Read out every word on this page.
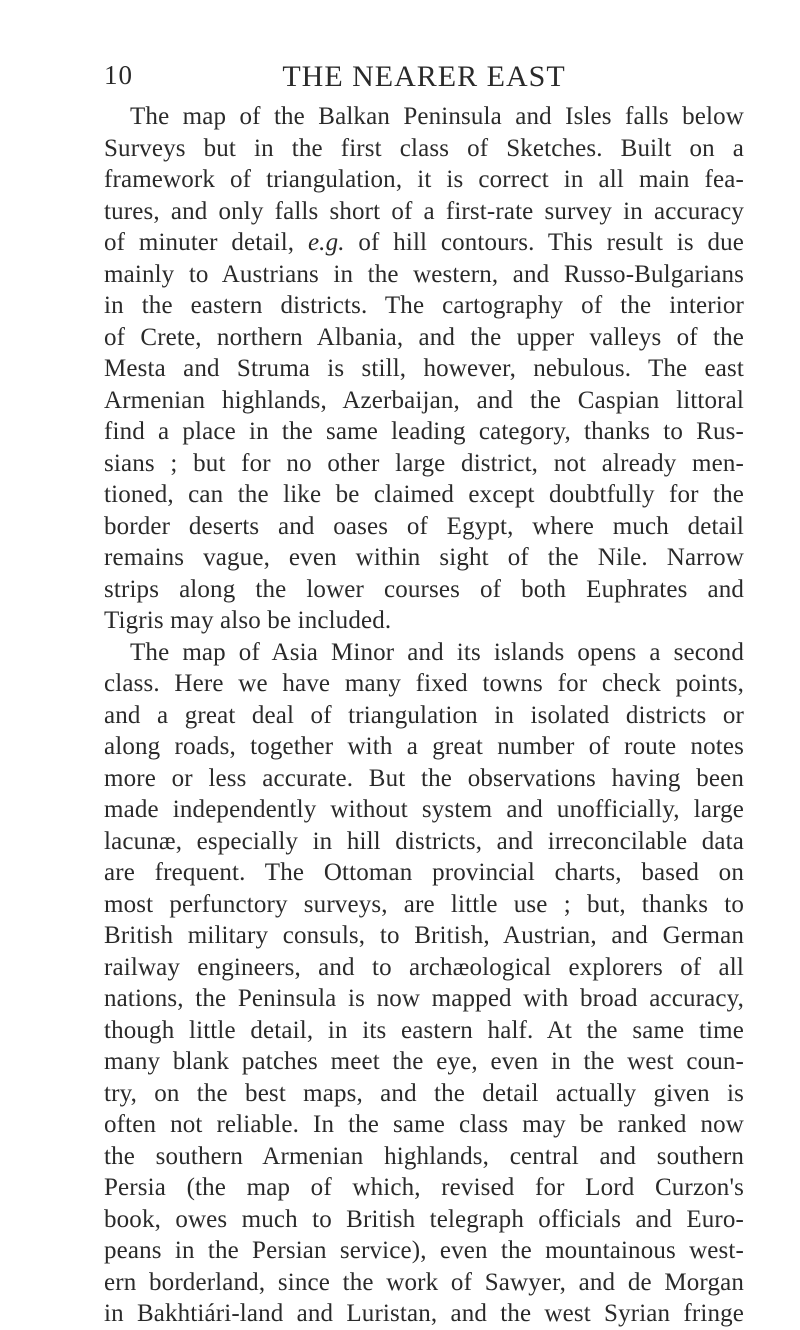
10	THE NEARER EAST
The map of the Balkan Peninsula and Isles falls below
Surveys but in the first class of Sketches. Built on a
framework of triangulation, it is correct in all main fea-
tures, and only falls short of a first-rate survey in accuracy
of minuter detail, e.g. of hill contours. This result is due
mainly to Austrians in the western, and Russo-Bulgarians
in the eastern districts. The cartography of the interior
of Crete, northern Albania, and the upper valleys of the
Mesta and Struma is still, however, nebulous. The east
Armenian highlands, Azerbaijan, and the Caspian littoral
find a place in the same leading category, thanks to Rus-
sians ; but for no other large district, not already men-
tioned, can the like be claimed except doubtfully for the
border deserts and oases of Egypt, where much detail
remains vague, even within sight of the Nile. Narrow
strips along the lower courses of both Euphrates and
Tigris may also be included.
The map of Asia Minor and its islands opens a second
class. Here we have many fixed towns for check points,
and a great deal of triangulation in isolated districts or
along roads, together with a great number of route notes
more or less accurate. But the observations having been
made independently without system and unofficially, large
lacunæ, especially in hill districts, and irreconcilable data
are frequent. The Ottoman provincial charts, based on
most perfunctory surveys, are little use ; but, thanks to
British military consuls, to British, Austrian, and German
railway engineers, and to archæological explorers of all
nations, the Peninsula is now mapped with broad accuracy,
though little detail, in its eastern half. At the same time
many blank patches meet the eye, even in the west coun-
try, on the best maps, and the detail actually given is
often not reliable. In the same class may be ranked now
the southern Armenian highlands, central and southern
Persia (the map of which, revised for Lord Curzon's
book, owes much to British telegraph officials and Euro-
peans in the Persian service), even the mountainous west-
ern borderland, since the work of Sawyer, and de Morgan
in Bakhtiári-land and Luristan, and the west Syrian fringe
